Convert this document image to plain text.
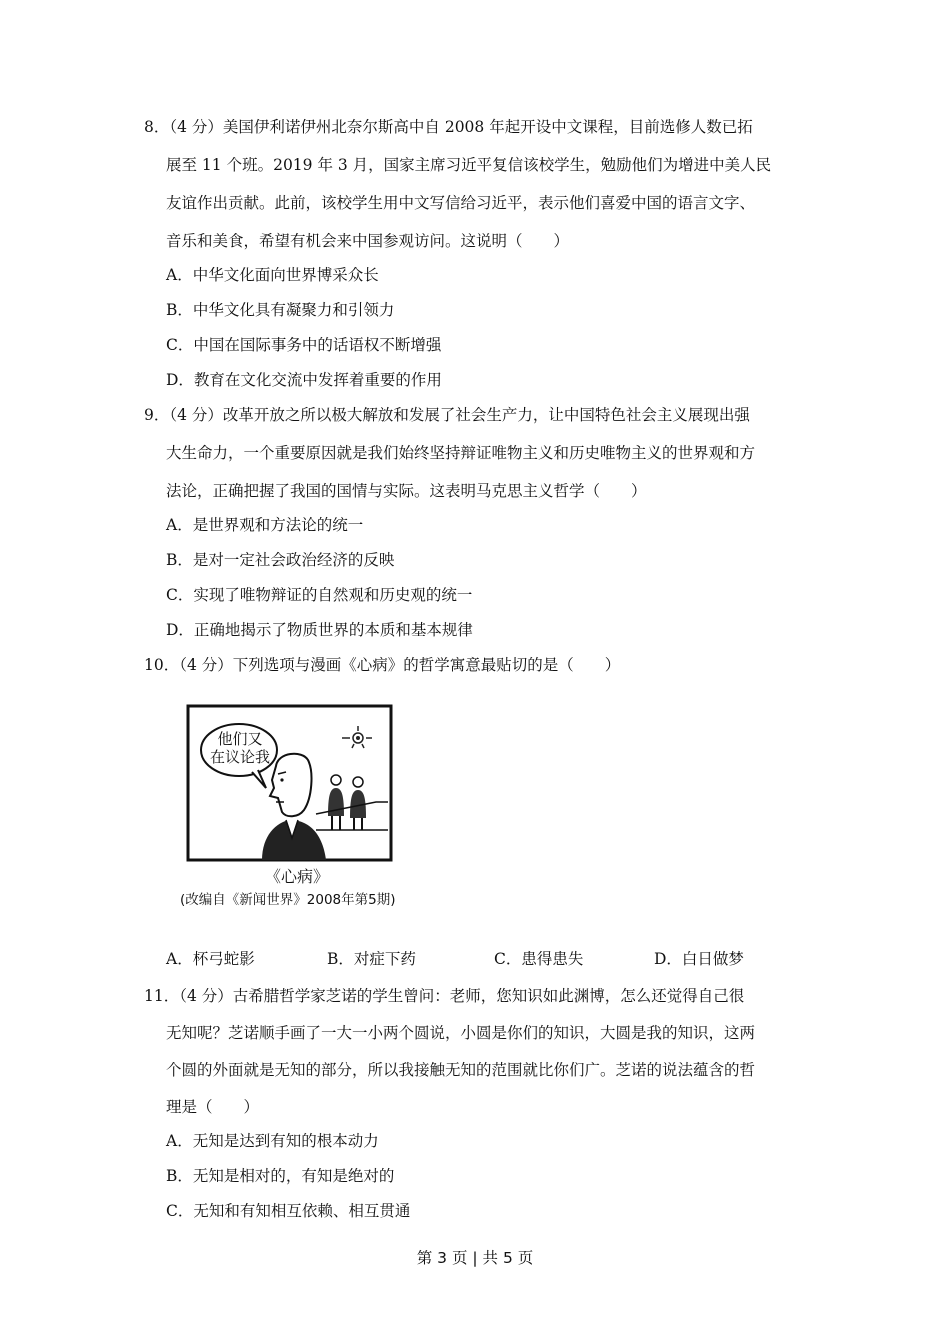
8．（4 分）美国伊利诺伊州北奈尔斯高中自 2008 年起开设中文课程，目前选修人数已拓
展至 11 个班。2019 年 3 月，国家主席习近平复信该校学生，勉励他们为增进中美人民
友谊作出贡献。此前，该校学生用中文写信给习近平，表示他们喜爱中国的语言文字、
音乐和美食，希望有机会来中国参观访问。这说明（　　）
A．中华文化面向世界博采众长
B．中华文化具有凝聚力和引领力
C．中国在国际事务中的话语权不断增强
D．教育在文化交流中发挥着重要的作用
9．（4 分）改革开放之所以极大解放和发展了社会生产力，让中国特色社会主义展现出强
大生命力，一个重要原因就是我们始终坚持辩证唯物主义和历史唯物主义的世界观和方
法论，正确把握了我国的国情与实际。这表明马克思主义哲学（　　）
A．是世界观和方法论的统一
B．是对一定社会政治经济的反映
C．实现了唯物辩证的自然观和历史观的统一
D．正确地揭示了物质世界的本质和基本规律
10．（4 分）下列选项与漫画《心病》的哲学寓意最贴切的是（　　）
他们又
在议论我
《心病》
(改编自《新闻世界》2008年第5期)
A．杯弓蛇影	B．对症下药	C．患得患失	D．白日做梦
11．（4 分）古希腊哲学家芝诺的学生曾问：老师，您知识如此渊博，怎么还觉得自己很
无知呢？芝诺顺手画了一大一小两个圆说，小圆是你们的知识，大圆是我的知识，这两
个圆的外面就是无知的部分，所以我接触无知的范围就比你们广。芝诺的说法蕴含的哲
理是（　　）
A．无知是达到有知的根本动力
B．无知是相对的，有知是绝对的
C．无知和有知相互依赖、相互贯通
第 3 页 | 共 5 页
